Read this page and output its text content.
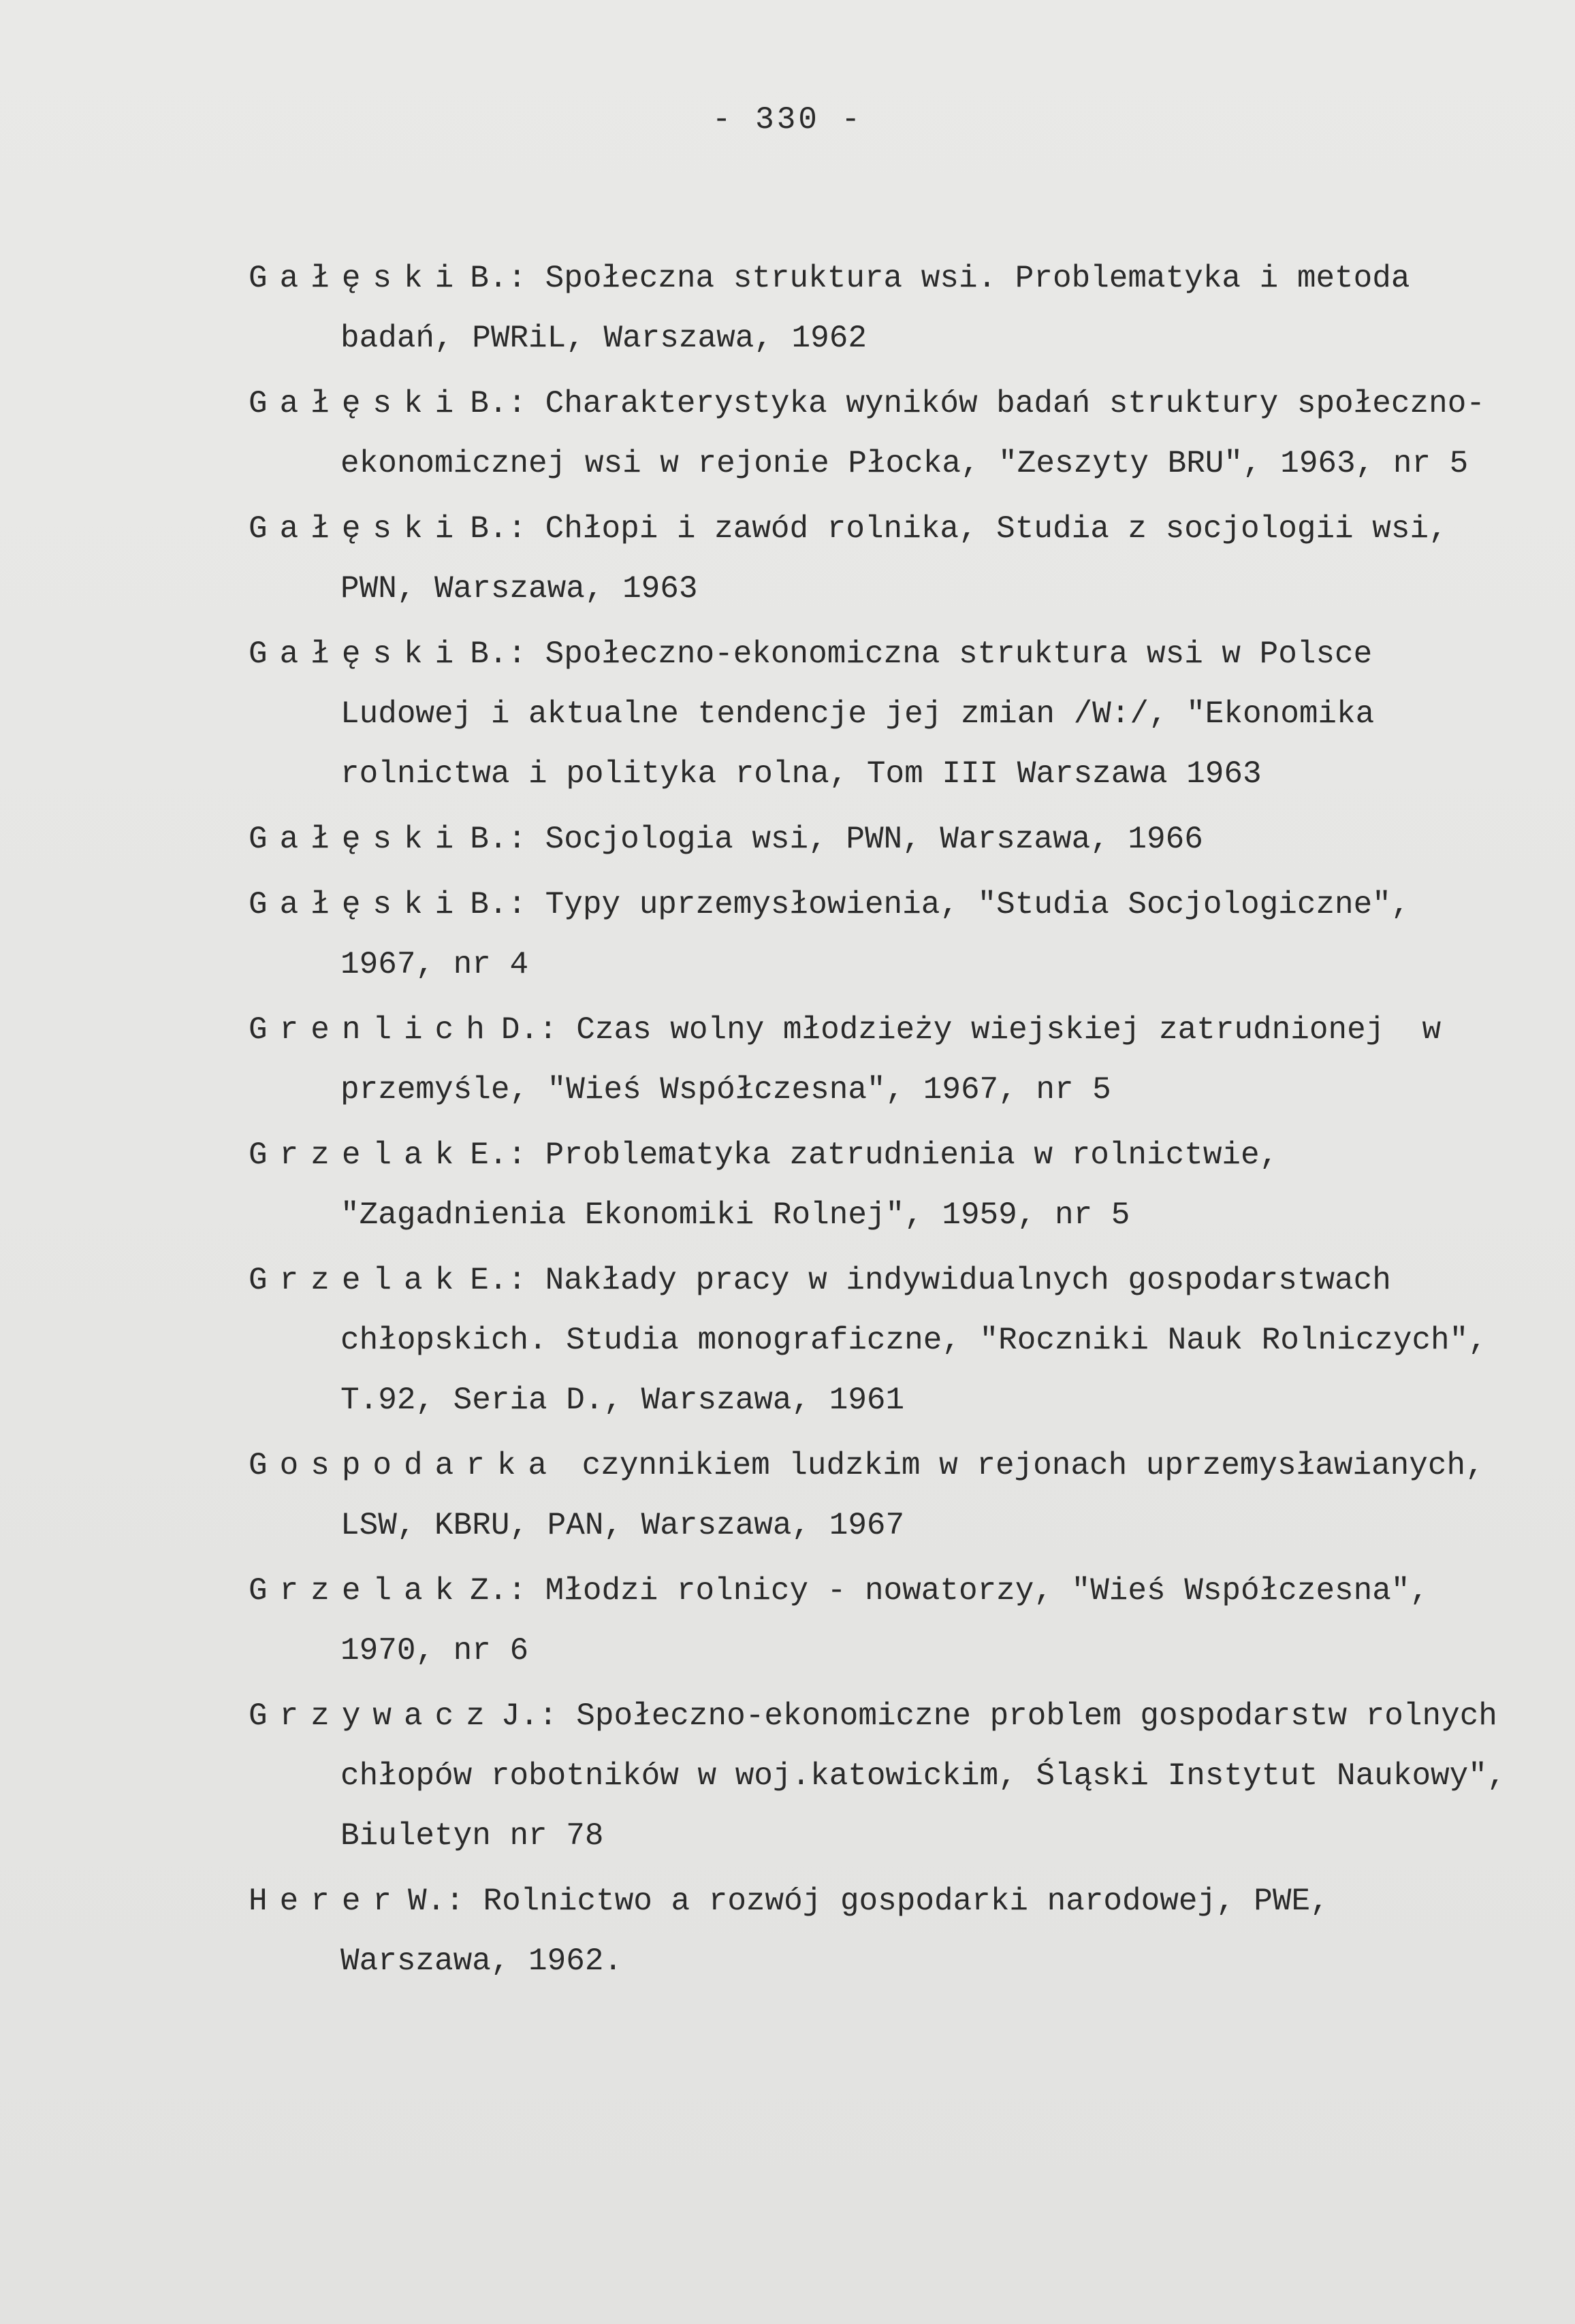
- 330 -

Gałęski B.: Społeczna struktura wsi. Problematyka i metoda badań, PWRiL, Warszawa, 1962

Gałęski B.: Charakterystyka wyników badań struktury społeczno-ekonomicznej wsi w rejonie Płocka, "Zeszyty BRU", 1963, nr 5

Gałęski B.: Chłopi i zawód rolnika, Studia z socjologii wsi, PWN, Warszawa, 1963

Gałęski B.: Społeczno-ekonomiczna struktura wsi w Polsce Ludowej i aktualne tendencje jej zmian /W:/, "Ekonomika rolnictwa i polityka rolna, Tom III Warszawa 1963

Gałęski B.: Socjologia wsi, PWN, Warszawa, 1966

Gałęski B.: Typy uprzemysłowienia, "Studia Socjologiczne", 1967, nr 4

Grenlich D.: Czas wolny młodzieży wiejskiej zatrudnionej  w przemyśle, "Wieś Współczesna", 1967, nr 5

Grzelak E.: Problematyka zatrudnienia w rolnictwie, "Zagadnienia Ekonomiki Rolnej", 1959, nr 5

Grzelak E.: Nakłady pracy w indywidualnych gospodarstwach chłopskich. Studia monograficzne, "Roczniki Nauk Rolniczych", T.92, Seria D., Warszawa, 1961

Gospodarka czynnikiem ludzkim w rejonach uprzemysławianych, LSW, KBRU, PAN, Warszawa, 1967

Grzelak Z.: Młodzi rolnicy - nowatorzy, "Wieś Współczesna", 1970, nr 6

Grzywacz J.: Społeczno-ekonomiczne problem gospodarstw rolnych chłopów robotników w woj.katowickim, Śląski Instytut Naukowy", Biuletyn nr 78

Herer W.: Rolnictwo a rozwój gospodarki narodowej, PWE, Warszawa, 1962.
